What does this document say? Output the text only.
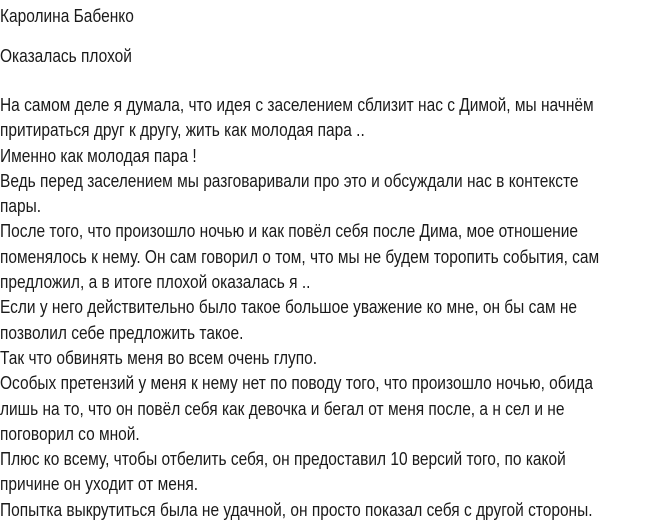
Каролина Бабенко
Оказалась плохой
На самом деле я думала, что идея с заселением сблизит нас с Димой, мы начнём
притираться друг к другу, жить как молодая пара ..
Именно как молодая пара !
Ведь перед заселением мы разговаривали про это и обсуждали нас в контексте
пары.
После того, что произошло ночью и как повёл себя после Дима, мое отношение
поменялось к нему. Он сам говорил о том, что мы не будем торопить события, сам
предложил, а в итоге плохой оказалась я ..
Если у него действительно было такое большое уважение ко мне, он бы сам не
позволил себе предложить такое.
Так что обвинять меня во всем очень глупо.
Особых претензий у меня к нему нет по поводу того, что произошло ночью, обида
лишь на то, что он повёл себя как девочка и бегал от меня после, а н сел и не
поговорил со мной.
Плюс ко всему, чтобы отбелить себя, он предоставил 10 версий того, по какой
причине он уходит от меня.
Попытка выкрутиться была не удачной, он просто показал себя с другой стороны.
